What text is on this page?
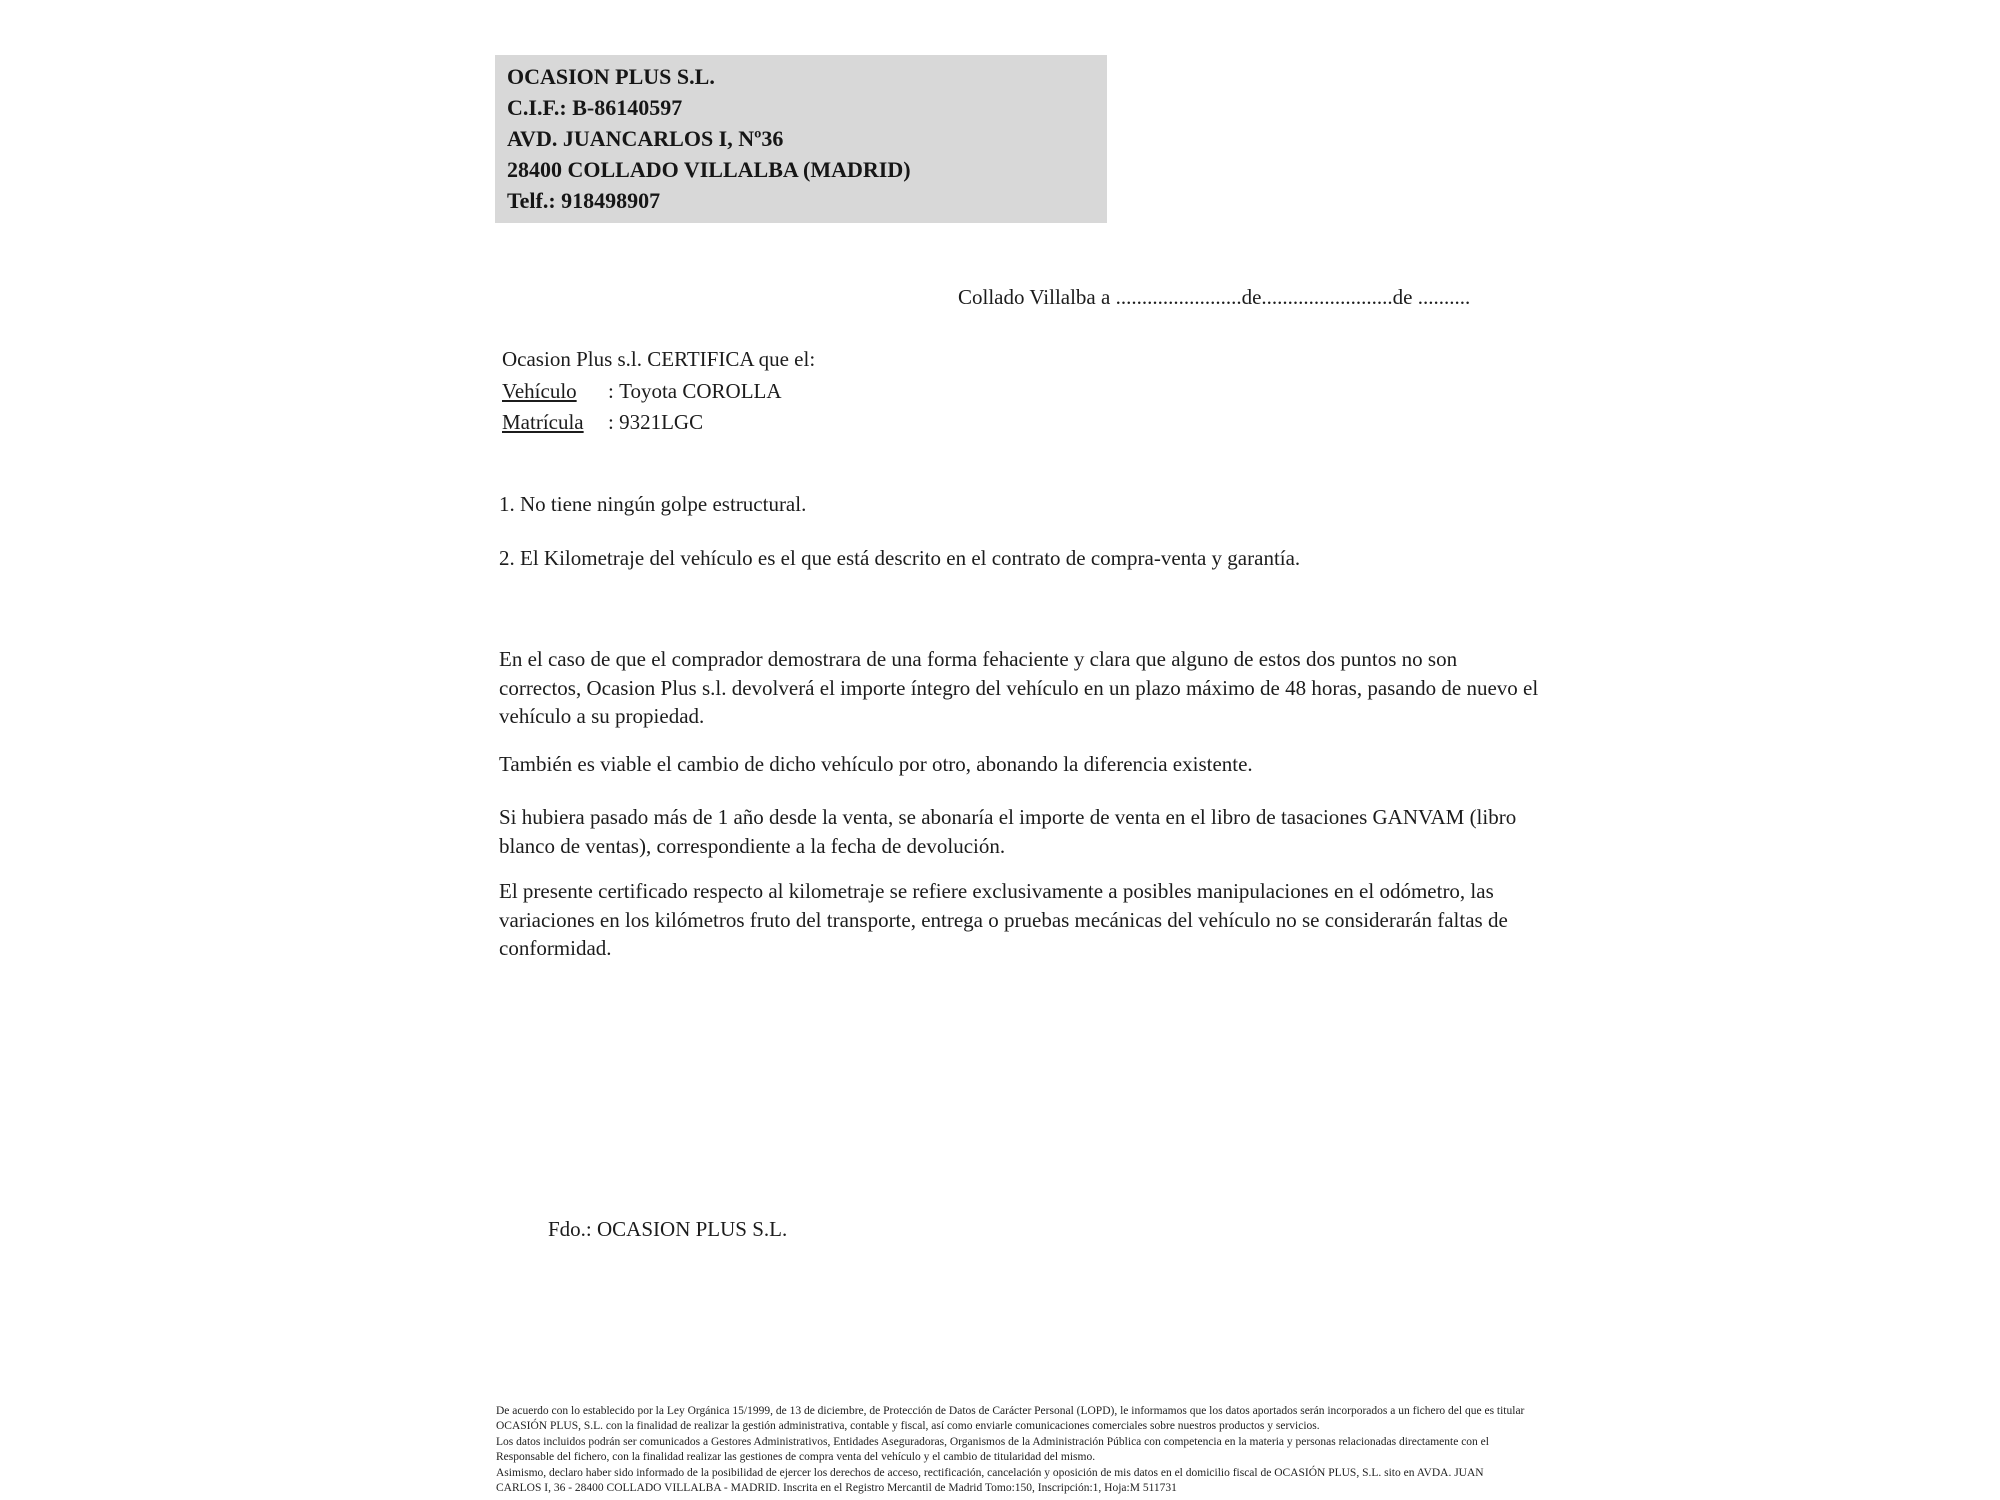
OCASION PLUS S.L.
C.I.F.: B-86140597
AVD. JUANCARLOS I, Nº36
28400 COLLADO VILLALBA (MADRID)
Telf.: 918498907
Collado Villalba a ........................de.........................de ..........
Ocasion Plus s.l. CERTIFICA que el:
Vehículo : Toyota COROLLA
Matrícula : 9321LGC
1. No tiene ningún golpe estructural.
2. El Kilometraje del vehículo es el que está descrito en el contrato de compra-venta y garantía.
En el caso de que el comprador demostrara de una forma fehaciente y clara que alguno de estos dos puntos no son correctos, Ocasion Plus s.l. devolverá el importe íntegro del vehículo en un plazo máximo de 48 horas, pasando de nuevo el vehículo a su propiedad.
También es viable el cambio de dicho vehículo por otro, abonando la diferencia existente.
Si hubiera pasado más de 1 año desde la venta, se abonaría el importe de venta en el libro de tasaciones GANVAM (libro blanco de ventas), correspondiente a la fecha de devolución.
El presente certificado respecto al kilometraje se refiere exclusivamente a posibles manipulaciones en el odómetro, las variaciones en los kilómetros fruto del transporte, entrega o pruebas mecánicas del vehículo no se considerarán faltas de conformidad.
Fdo.: OCASION PLUS S.L.
De acuerdo con lo establecido por la Ley Orgánica 15/1999, de 13 de diciembre, de Protección de Datos de Carácter Personal (LOPD), le informamos que los datos aportados serán incorporados a un fichero del que es titular
OCASIÓN PLUS, S.L. con la finalidad de realizar la gestión administrativa, contable y fiscal, así como enviarle comunicaciones comerciales sobre nuestros productos y servicios.
Los datos incluidos podrán ser comunicados a Gestores Administrativos, Entidades Aseguradoras, Organismos de la Administración Pública con competencia en la materia y personas relacionadas directamente con el
Responsable del fichero, con la finalidad realizar las gestiones de compra venta del vehículo y el cambio de titularidad del mismo.
Asimismo, declaro haber sido informado de la posibilidad de ejercer los derechos de acceso, rectificación, cancelación y oposición de mis datos en el domicilio fiscal de OCASIÓN PLUS, S.L. sito en AVDA. JUAN
CARLOS I, 36 - 28400 COLLADO VILLALBA - MADRID. Inscrita en el Registro Mercantil de Madrid Tomo:150, Inscripción:1, Hoja:M 511731
